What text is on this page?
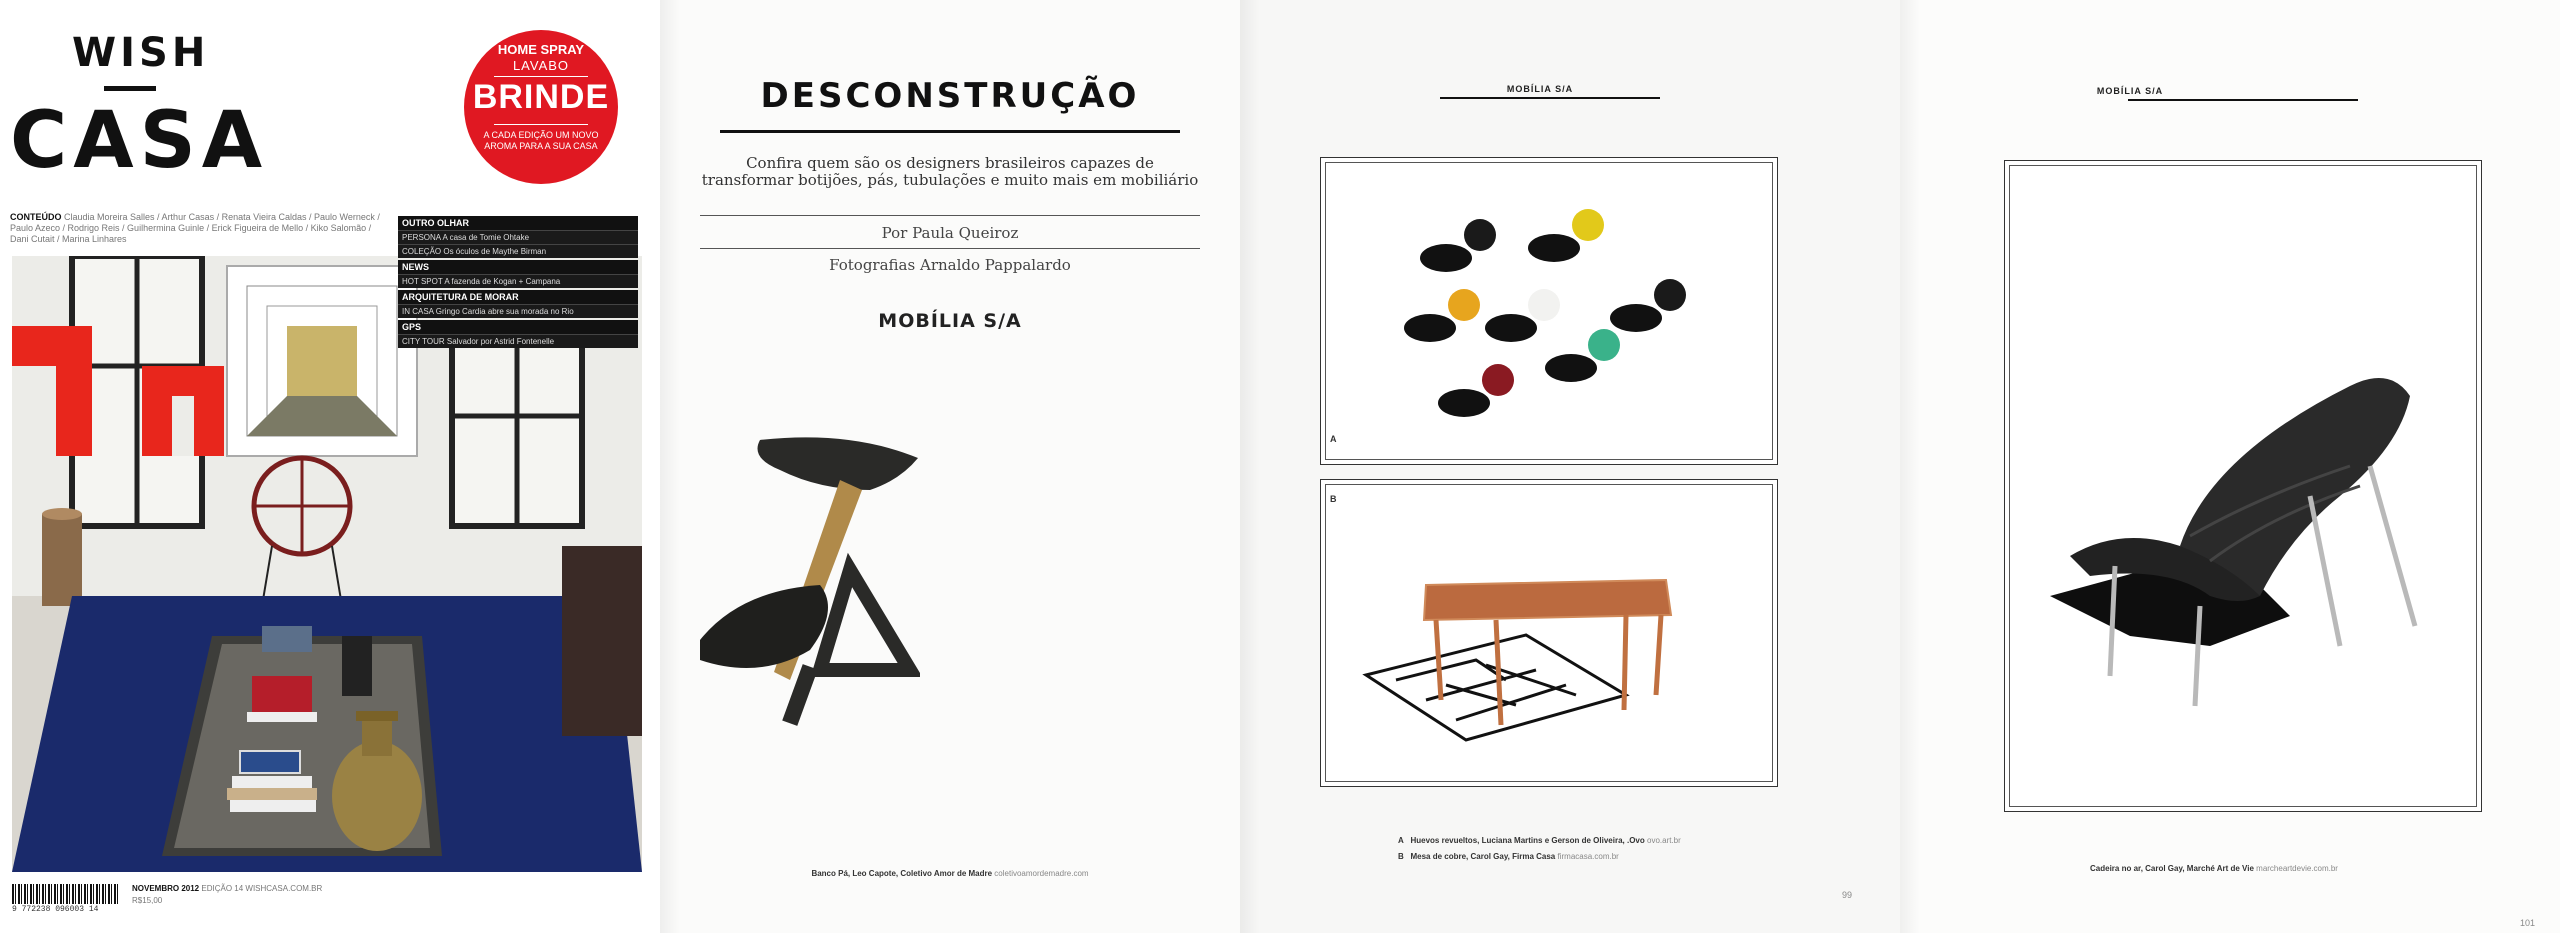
WISH
CASA
HOME SPRAY
LAVABO
BRINDE
A CADA EDIÇÃO UM NOVO AROMA PARA A SUA CASA
CONTEÚDO Claudia Moreira Salles / Arthur Casas / Renata Vieira Caldas / Paulo Werneck / Paulo Azeco / Rodrigo Reis / Guilhermina Guinle / Erick Figueira de Mello / Kiko Salomão / Dani Cutait / Marina Linhares
OUTRO OLHAR
PERSONA A casa de Tomie Ohtake
COLEÇÃO Os óculos de Maythe Birman
NEWS
HOT SPOT A fazenda de Kogan + Campana
ARQUITETURA DE MORAR
IN CASA Gringo Cardia abre sua morada no Rio
GPS
CITY TOUR Salvador por Astrid Fontenelle
9 772238 096003 14
NOVEMBRO 2012 EDIÇÃO 14 WISHCASA.COM.BR
R$15,00
DESCONSTRUÇÃO
Confira quem são os designers brasileiros capazes de transformar botijões, pás, tubulações e muito mais em mobiliário
Por Paula Queiroz
Fotografias Arnaldo Pappalardo
MOBÍLIA S/A
Banco Pá, Leo Capote, Coletivo Amor de Madre coletivoamordemadre.com
MOBÍLIA S/A
A
B
A Huevos revueltos, Luciana Martins e Gerson de Oliveira, .Ovo ovo.art.br
B Mesa de cobre, Carol Gay, Firma Casa firmacasa.com.br
99
MOBÍLIA S/A
Cadeira no ar, Carol Gay, Marché Art de Vie marcheartdevie.com.br
101
